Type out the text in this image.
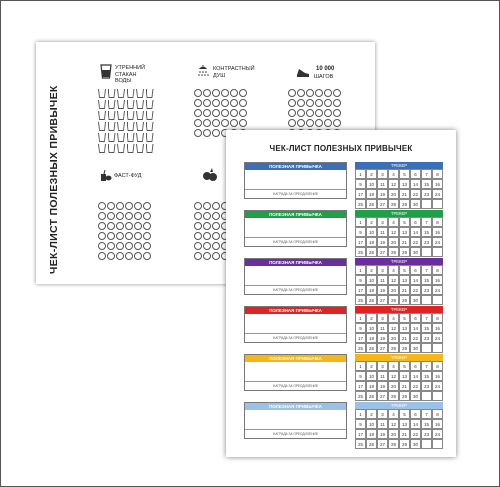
ЧЕК-ЛИСТ ПОЛЕЗНЫХ ПРИВЫЧЕК
УТРЕННИЙ СТАКАН ВОДЫ
КОНТРАСТНЫЙ ДУШ
10 000
ШАГОВ
ФАСТ-ФУД
ЧЕК-ЛИСТ ПОЛЕЗНЫХ ПРИВЫЧЕК
ПОЛЕЗНАЯ ПРИВЫЧКА
НАГРАДА ЗА ПРЕОДОЛЕНИЕ
ТРЕКЕР
1	2	3	4	5	6	7	8
9	10	11	12	13	14	15	16
17	18	19	20	21	22	23	24
25	26	27	28	29	30
ПОЛЕЗНАЯ ПРИВЫЧКА
НАГРАДА ЗА ПРЕОДОЛЕНИЕ
ТРЕКЕР
1	2	3	4	5	6	7	8
9	10	11	12	13	14	15	16
17	18	19	20	21	22	23	24
25	26	27	28	29	30
ПОЛЕЗНАЯ ПРИВЫЧКА
НАГРАДА ЗА ПРЕОДОЛЕНИЕ
ТРЕКЕР
1	2	3	4	5	6	7	8
9	10	11	12	13	14	15	16
17	18	19	20	21	22	23	24
25	26	27	28	29	30
ПОЛЕЗНАЯ ПРИВЫЧКА
НАГРАДА ЗА ПРЕОДОЛЕНИЕ
ТРЕКЕР
1	2	3	4	5	6	7	8
9	10	11	12	13	14	15	16
17	18	19	20	21	22	23	24
25	26	27	28	29	30
ПОЛЕЗНАЯ ПРИВЫЧКА
НАГРАДА ЗА ПРЕОДОЛЕНИЕ
ТРЕКЕР
1	2	3	4	5	6	7	8
9	10	11	12	13	14	15	16
17	18	19	20	21	22	23	24
25	26	27	28	29	30
ПОЛЕЗНАЯ ПРИВЫЧКА
НАГРАДА ЗА ПРЕОДОЛЕНИЕ
ТРЕКЕР
1	2	3	4	5	6	7	8
9	10	11	12	13	14	15	16
17	18	19	20	21	22	23	24
25	26	27	28	29	30
